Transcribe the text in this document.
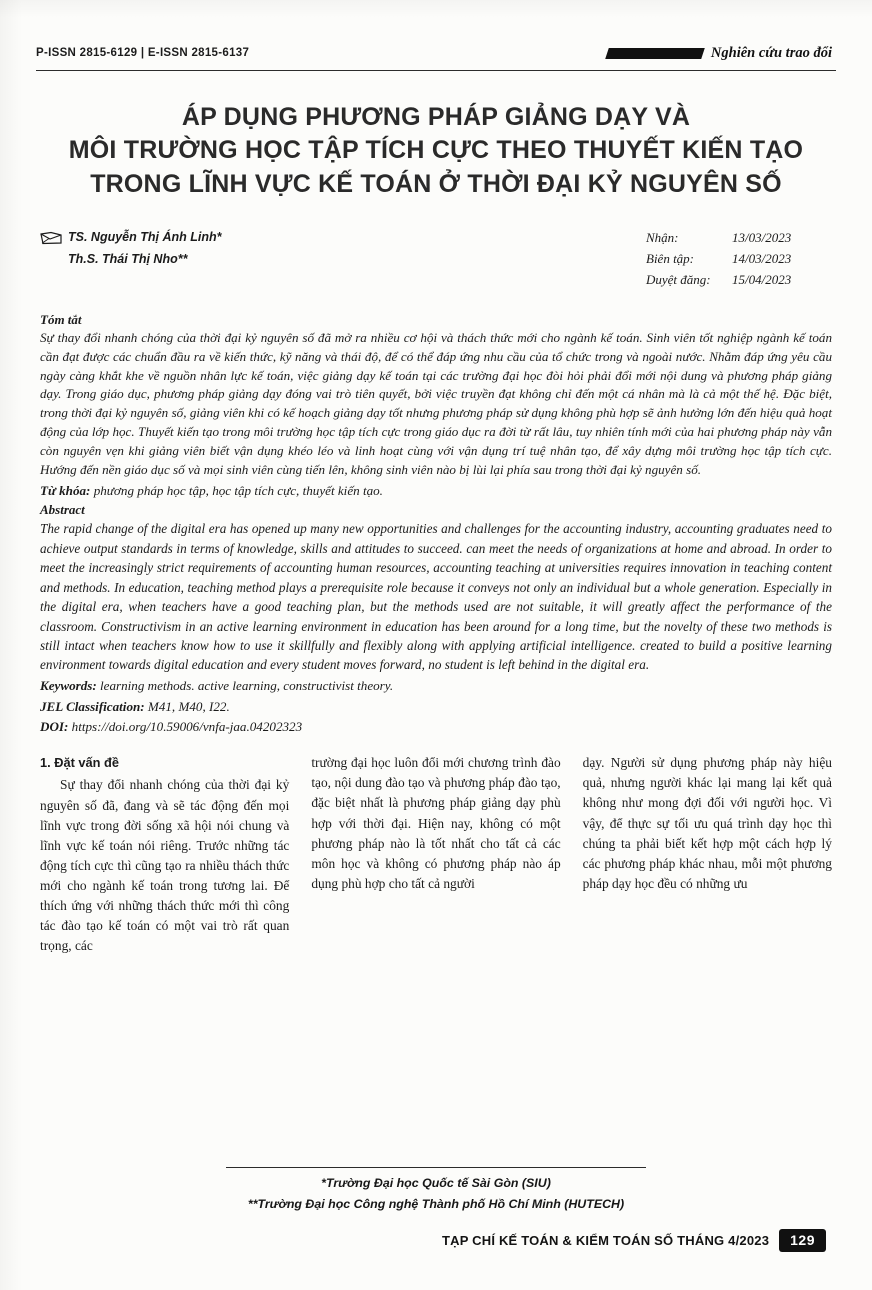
P-ISSN 2815-6129 | E-ISSN 2815-6137	Nghiên cứu trao đổi
ÁP DỤNG PHƯƠNG PHÁP GIẢNG DẠY VÀ
MÔI TRƯỜNG HỌC TẬP TÍCH CỰC THEO THUYẾT KIẾN TẠO
TRONG LĨNH VỰC KẾ TOÁN Ở THỜI ĐẠI KỶ NGUYÊN SỐ
TS. Nguyễn Thị Ánh Linh*
Th.S. Thái Thị Nho**
Nhận:	13/03/2023
Biên tập:	14/03/2023
Duyệt đăng:	15/04/2023
Tóm tắt

Sự thay đổi nhanh chóng của thời đại kỷ nguyên số đã mở ra nhiều cơ hội và thách thức mới cho ngành kế toán. Sinh viên tốt nghiệp ngành kế toán cần đạt được các chuẩn đầu ra về kiến thức, kỹ năng và thái độ, để có thể đáp ứng nhu cầu của tổ chức trong và ngoài nước. Nhằm đáp ứng yêu cầu ngày càng khắt khe về nguồn nhân lực kế toán, việc giảng dạy kế toán tại các trường đại học đòi hỏi phải đổi mới nội dung và phương pháp giảng dạy. Trong giáo dục, phương pháp giảng dạy đóng vai trò tiên quyết, bởi việc truyền đạt không chỉ đến một cá nhân mà là cả một thế hệ. Đặc biệt, trong thời đại kỷ nguyên số, giảng viên khi có kế hoạch giảng dạy tốt nhưng phương pháp sử dụng không phù hợp sẽ ảnh hưởng lớn đến hiệu quả hoạt động của lớp học. Thuyết kiến tạo trong môi trường học tập tích cực trong giáo dục ra đời từ rất lâu, tuy nhiên tính mới của hai phương pháp này vẫn còn nguyên vẹn khi giảng viên biết vận dụng khéo léo và linh hoạt cùng với vận dụng trí tuệ nhân tạo, để xây dựng môi trường học tập tích cực. Hướng đến nền giáo dục số và mọi sinh viên cùng tiến lên, không sinh viên nào bị lùi lại phía sau trong thời đại kỷ nguyên số.

Từ khóa: phương pháp học tập, học tập tích cực, thuyết kiến tạo.

Abstract

The rapid change of the digital era has opened up many new opportunities and challenges for the accounting industry, accounting graduates need to achieve output standards in terms of knowledge, skills and attitudes to succeed. can meet the needs of organizations at home and abroad. In order to meet the increasingly strict requirements of accounting human resources, accounting teaching at universities requires innovation in teaching content and methods. In education, teaching method plays a prerequisite role because it conveys not only an individual but a whole generation. Especially in the digital era, when teachers have a good teaching plan, but the methods used are not suitable, it will greatly affect the performance of the classroom. Constructivism in an active learning environment in education has been around for a long time, but the novelty of these two methods is still intact when teachers know how to use it skillfully and flexibly along with applying artificial intelligence. created to build a positive learning environment towards digital education and every student moves forward, no student is left behind in the digital era.

Keywords: learning methods. active learning, constructivist theory.

JEL Classification: M41, M40, I22.

DOI: https://doi.org/10.59006/vnfa-jaa.04202323

1. Đặt vấn đề

Sự thay đổi nhanh chóng của thời đại kỷ nguyên số đã, đang và sẽ tác động đến mọi lĩnh vực trong đời sống xã hội nói chung và lĩnh vực kế toán nói riêng. Trước những tác động tích cực thì cũng tạo ra nhiều thách thức mới cho ngành kế toán trong tương lai. Để thích ứng với những thách thức mới thì công tác đào tạo kế toán có một vai trò rất quan trọng, các

trường đại học luôn đổi mới chương trình đào tạo, nội dung đào tạo và phương pháp đào tạo, đặc biệt nhất là phương pháp giảng dạy phù hợp với thời đại. Hiện nay, không có một phương pháp nào là tốt nhất cho tất cả các môn học và không có phương pháp nào áp dụng phù hợp cho tất cả người

dạy. Người sử dụng phương pháp này hiệu quả, nhưng người khác lại mang lại kết quả không như mong đợi đối với người học. Vì vậy, để thực sự tối ưu quá trình dạy học thì chúng ta phải biết kết hợp một cách hợp lý các phương pháp khác nhau, mỗi một phương pháp dạy học đều có những ưu

*Trường Đại học Quốc tế Sài Gòn (SIU)
**Trường Đại học Công nghệ Thành phố Hồ Chí Minh (HUTECH)
TẠP CHÍ KẾ TOÁN & KIỂM TOÁN SỐ THÁNG 4/2023	129
